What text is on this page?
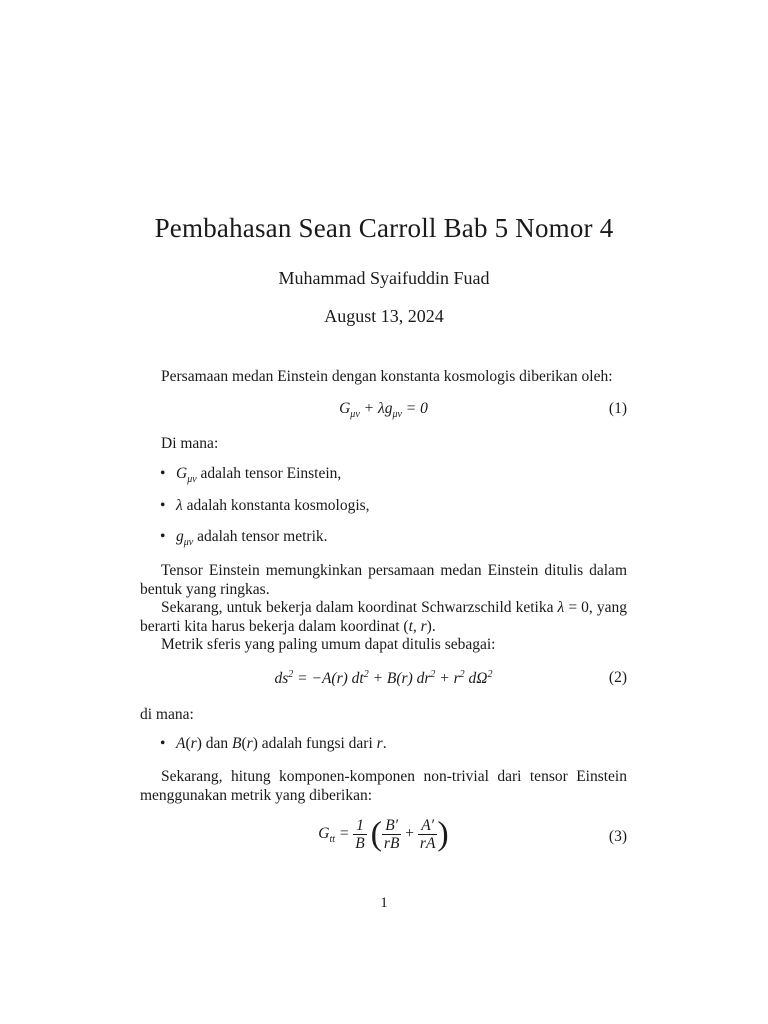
Pembahasan Sean Carroll Bab 5 Nomor 4
Muhammad Syaifuddin Fuad
August 13, 2024
Persamaan medan Einstein dengan konstanta kosmologis diberikan oleh:
$G_{\mu\nu} + \lambda g_{\mu\nu} = 0$	(1)
Di mana:
• $G_{\mu\nu}$ adalah tensor Einstein,
• λ adalah konstanta kosmologis,
• $g_{\mu\nu}$ adalah tensor metrik.
Tensor Einstein memungkinkan persamaan medan Einstein ditulis dalam bentuk yang ringkas.
Sekarang, untuk bekerja dalam koordinat Schwarzschild ketika λ = 0, yang berarti kita harus bekerja dalam koordinat (t, r).
Metrik sferis yang paling umum dapat ditulis sebagai:
$ds^2 = -A(r) dt^2 + B(r) dr^2 + r^2$ $d\Omega^2$	(2)
di mana:
• A(r) dan B(r) adalah fungsi dari r.
Sekarang, hitung komponen-komponen non-trivial dari tensor Einstein menggunakan metrik yang diberikan:
$G_{tt} = \frac{1}{B}$ ( $\frac{B'}{rB} + \frac{A'}{rA}$ )	(3)
1
